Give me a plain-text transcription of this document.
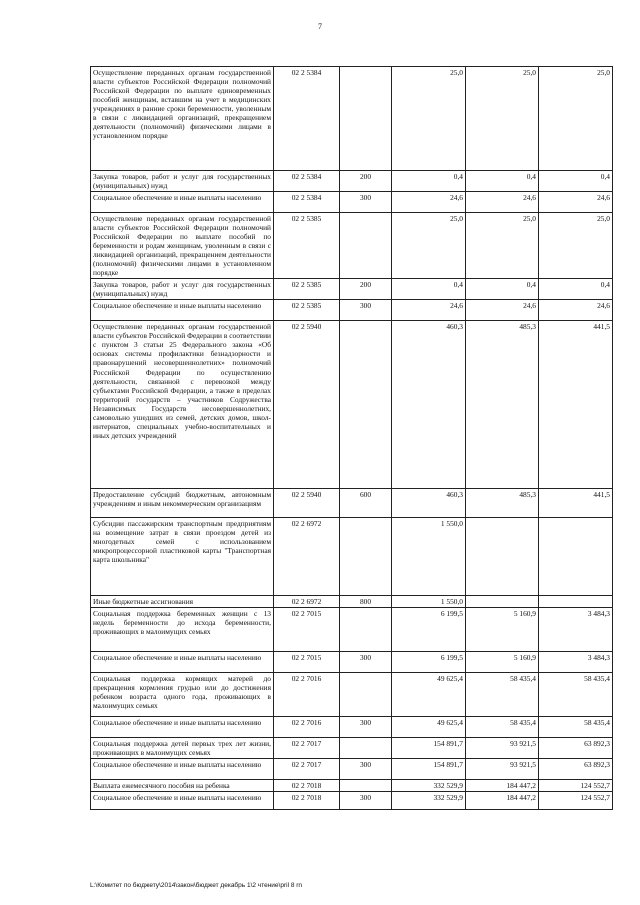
7
Осуществление переданных органам государственной власти субъектов Российской Федерации полномочий Российской Федерации по выплате единовременных пособий женщинам, вставшим на учет в медицинских учреждениях в ранние сроки беременности, уволенным в связи с ликвидацией организаций, прекращением деятельности (полномочий) физическими лицами в установленном порядке	02 2 5384		25,0	25,0	25,0
Закупка товаров, работ и услуг для государственных (муниципальных) нужд	02 2 5384	200	0,4	0,4	0,4
Социальное обеспечение и иные выплаты населению	02 2 5384	300	24,6	24,6	24,6
Осуществление переданных органам государственной власти субъектов Российской Федерации полномочий Российской Федерации по выплате пособий по беременности и родам женщинам, уволенным в связи с ликвидацией организаций, прекращением деятельности (полномочий) физическими лицами в установленном порядке	02 2 5385		25,0	25,0	25,0
Закупка товаров, работ и услуг для государственных (муниципальных) нужд	02 2 5385	200	0,4	0,4	0,4
Социальное обеспечение и иные выплаты населению	02 2 5385	300	24,6	24,6	24,6
Осуществление переданных органам государственной власти субъектов Российской Федерации в соответствии с пунктом 3 статьи 25 Федерального закона «Об основах системы профилактики безнадзорности и правонарушений несовершеннолетних» полномочий Российской Федерации по осуществлению деятельности, связанной с перевозкой между субъектами Российской Федерации, а также в пределах территорий государств – участников Содружества Независимых Государств несовершеннолетних, самовольно ушедших из семей, детских домов, школ-интернатов, специальных учебно-воспитательных и иных детских учреждений	02 2 5940		460,3	485,3	441,5
Предоставление субсидий бюджетным, автономным учреждениям и иным некоммерческим организациям	02 2 5940	600	460,3	485,3	441,5
Субсидии пассажирским транспортным предприятиям на возмещение затрат в связи проездом детей из многодетных семей с использованием микропроцессорной пластиковой карты "Транспортная карта школьника"	02 2 6972		1 550,0		
Иные бюджетные ассигнования	02 2 6972	800	1 550,0		
Социальная поддержка беременных женщин с 13 недель беременности до исхода беременности, проживающих в малоимущих семьях	02 2 7015		6 199,5	5 160,9	3 484,3
Социальное обеспечение и иные выплаты населению	02 2 7015	300	6 199,5	5 160,9	3 484,3
Социальная поддержка кормящих матерей до прекращения кормления грудью или до достижения ребенком возраста одного года, проживающих в малоимущих семьях	02 2 7016		49 625,4	58 435,4	58 435,4
Социальное обеспечение и иные выплаты населению	02 2 7016	300	49 625,4	58 435,4	58 435,4
Социальная поддержка детей первых трех лет жизни, проживающих в малоимущих семьях	02 2 7017		154 891,7	93 921,5	63 892,3
Социальное обеспечение и иные выплаты населению	02 2 7017	300	154 891,7	93 921,5	63 892,3
Выплата ежемесячного пособия на ребенка	02 2 7018		332 529,9	184 447,2	124 552,7
Социальное обеспечение и иные выплаты населению	02 2 7018	300	332 529,9	184 447,2	124 552,7
L:\Комитет по бюджету\2014\закон\бюджет декабрь 1\2 чтение\pril 8 rn
